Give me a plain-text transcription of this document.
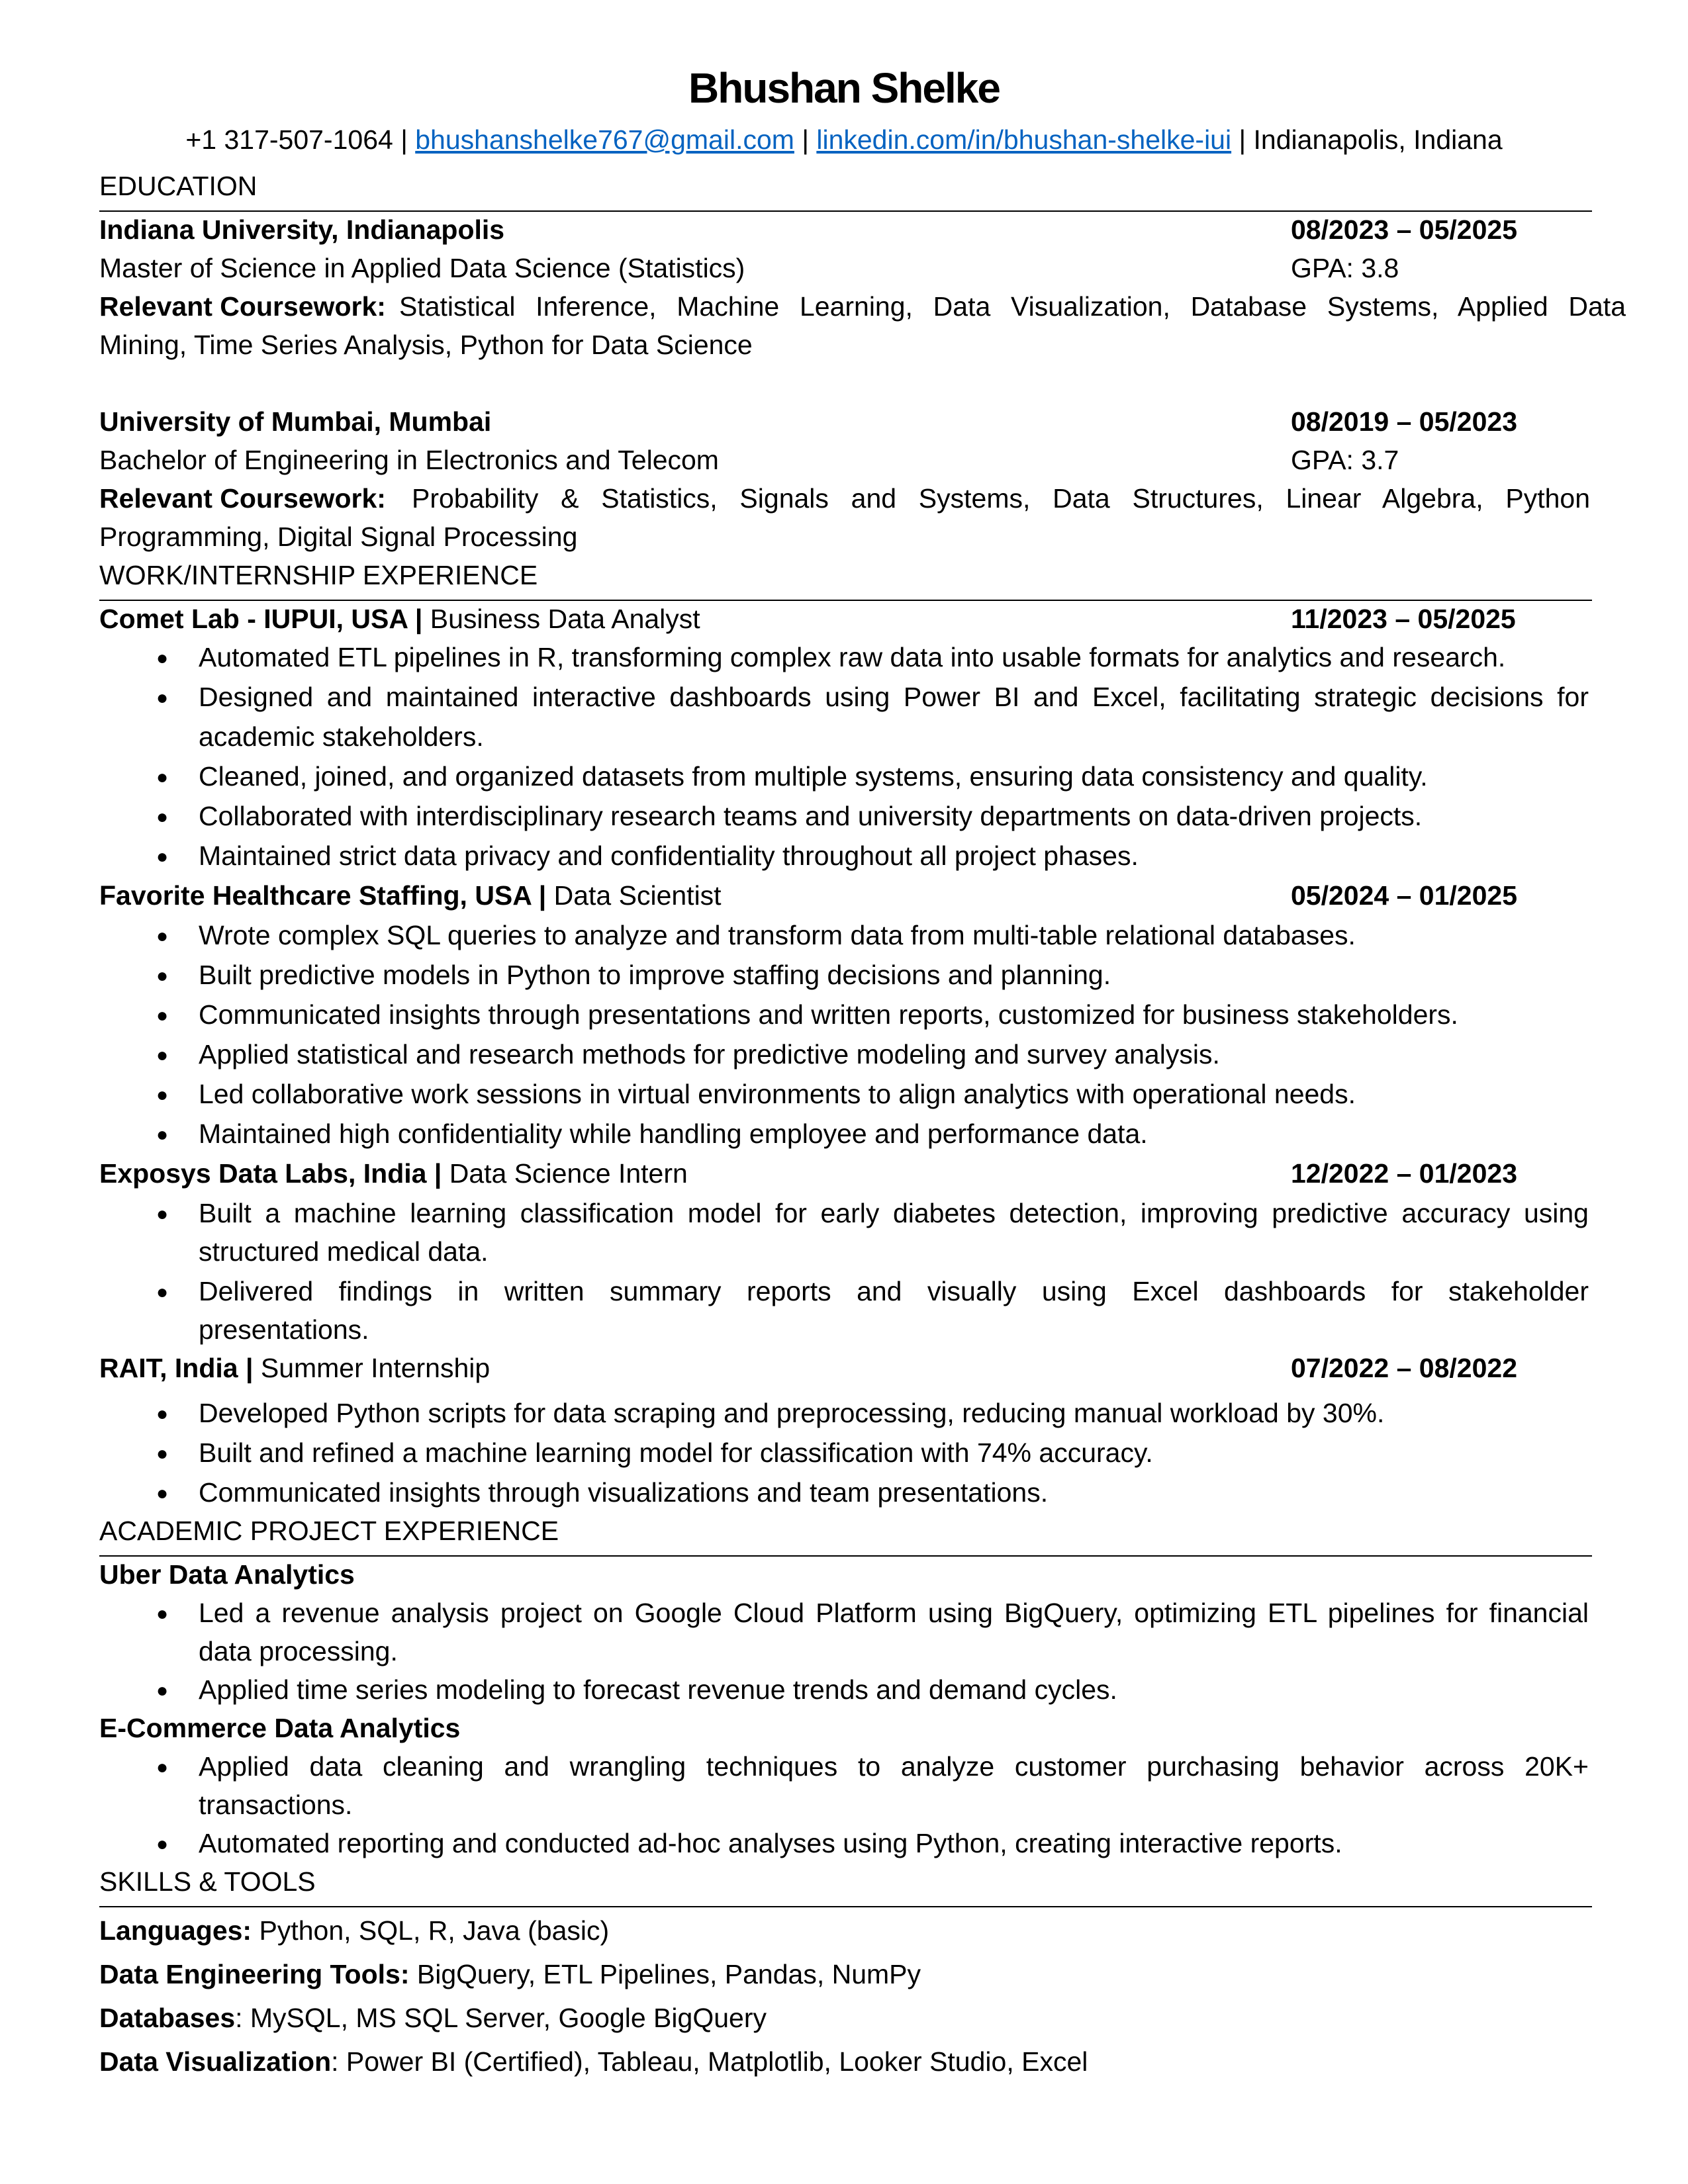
Bhushan Shelke
+1 317-507-1064 | bhushanshelke767@gmail.com | linkedin.com/in/bhushan-shelke-iui | Indianapolis, Indiana
EDUCATION
Indiana University, Indianapolis	08/2023 – 05/2025
Master of Science in Applied Data Science (Statistics)	GPA: 3.8
Relevant Coursework: Statistical Inference, Machine Learning, Data Visualization, Database Systems, Applied Data
Mining, Time Series Analysis, Python for Data Science
University of Mumbai, Mumbai	08/2019 – 05/2023
Bachelor of Engineering in Electronics and Telecom	GPA: 3.7
Relevant Coursework: Probability & Statistics, Signals and Systems, Data Structures, Linear Algebra, Python
Programming, Digital Signal Processing
WORK/INTERNSHIP EXPERIENCE
Comet Lab - IUPUI, USA | Business Data Analyst	11/2023 – 05/2025
● Automated ETL pipelines in R, transforming complex raw data into usable formats for analytics and research.
● Designed and maintained interactive dashboards using Power BI and Excel, facilitating strategic decisions for
academic stakeholders.
● Cleaned, joined, and organized datasets from multiple systems, ensuring data consistency and quality.
● Collaborated with interdisciplinary research teams and university departments on data-driven projects.
● Maintained strict data privacy and confidentiality throughout all project phases.
Favorite Healthcare Staffing, USA | Data Scientist	05/2024 – 01/2025
● Wrote complex SQL queries to analyze and transform data from multi-table relational databases.
● Built predictive models in Python to improve staffing decisions and planning.
● Communicated insights through presentations and written reports, customized for business stakeholders.
● Applied statistical and research methods for predictive modeling and survey analysis.
● Led collaborative work sessions in virtual environments to align analytics with operational needs.
● Maintained high confidentiality while handling employee and performance data.
Exposys Data Labs, India | Data Science Intern	12/2022 – 01/2023
● Built a machine learning classification model for early diabetes detection, improving predictive accuracy using
structured medical data.
● Delivered findings in written summary reports and visually using Excel dashboards for stakeholder
presentations.
RAIT, India | Summer Internship	07/2022 – 08/2022
● Developed Python scripts for data scraping and preprocessing, reducing manual workload by 30%.
● Built and refined a machine learning model for classification with 74% accuracy.
● Communicated insights through visualizations and team presentations.
ACADEMIC PROJECT EXPERIENCE
Uber Data Analytics
● Led a revenue analysis project on Google Cloud Platform using BigQuery, optimizing ETL pipelines for financial
data processing.
● Applied time series modeling to forecast revenue trends and demand cycles.
E-Commerce Data Analytics
● Applied data cleaning and wrangling techniques to analyze customer purchasing behavior across 20K+
transactions.
● Automated reporting and conducted ad-hoc analyses using Python, creating interactive reports.
SKILLS & TOOLS
Languages: Python, SQL, R, Java (basic)
Data Engineering Tools: BigQuery, ETL Pipelines, Pandas, NumPy
Databases: MySQL, MS SQL Server, Google BigQuery
Data Visualization: Power BI (Certified), Tableau, Matplotlib, Looker Studio, Excel
